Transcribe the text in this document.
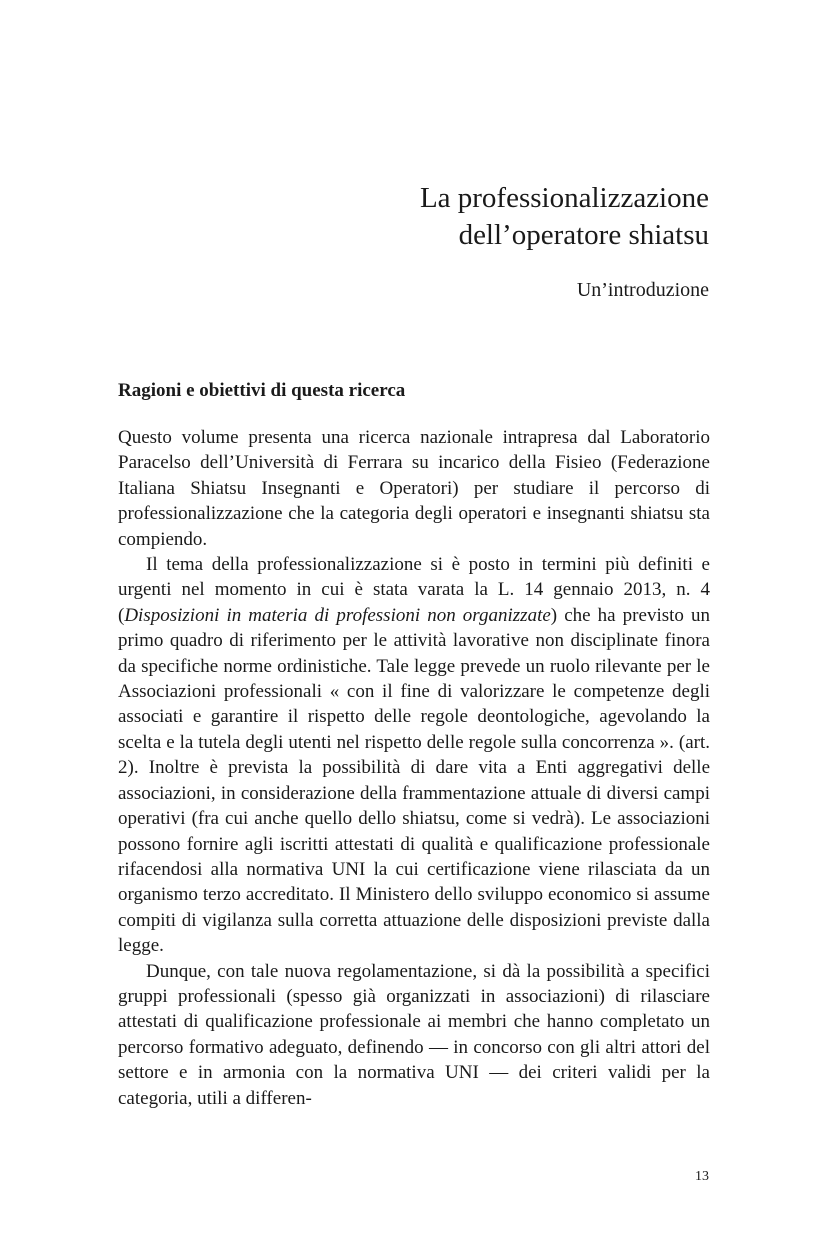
La professionalizzazione
dell’operatore shiatsu
Un’introduzione
Ragioni e obiettivi di questa ricerca

Questo volume presenta una ricerca nazionale intrapresa dal Laboratorio Paracelso dell’Università di Ferrara su incarico della Fisieo (Federazione Italiana Shiatsu Insegnanti e Operatori) per studiare il percorso di professionalizzazione che la categoria degli operatori e insegnanti shiatsu sta compiendo.

Il tema della professionalizzazione si è posto in termini più definiti e urgenti nel momento in cui è stata varata la L. 14 gennaio 2013, n. 4 (Disposizioni in materia di professioni non organizzate) che ha previsto un primo quadro di riferimento per le attività lavorative non disciplinate finora da specifiche norme ordinistiche. Tale legge prevede un ruolo rilevante per le Associazioni professionali « con il fine di valorizzare le competenze degli associati e garantire il rispetto delle regole deontologiche, agevolando la scelta e la tutela degli utenti nel rispetto delle regole sulla concorrenza ». (art. 2). Inoltre è prevista la possibilità di dare vita a Enti aggregativi delle associazioni, in considerazione della frammentazione attuale di diversi campi operativi (fra cui anche quello dello shiatsu, come si vedrà). Le associazioni possono fornire agli iscritti attestati di qualità e qualificazione professionale rifacendosi alla normativa UNI la cui certificazione viene rilasciata da un organismo terzo accreditato. Il Ministero dello sviluppo economico si assume compiti di vigilanza sulla corretta attuazione delle disposizioni previste dalla legge.

Dunque, con tale nuova regolamentazione, si dà la possibilità a specifici gruppi professionali (spesso già organizzati in associazioni) di rilasciare attestati di qualificazione professionale ai membri che hanno completato un percorso formativo adeguato, definendo — in concorso con gli altri attori del settore e in armonia con la normativa UNI — dei criteri validi per la categoria, utili a differen-

13
